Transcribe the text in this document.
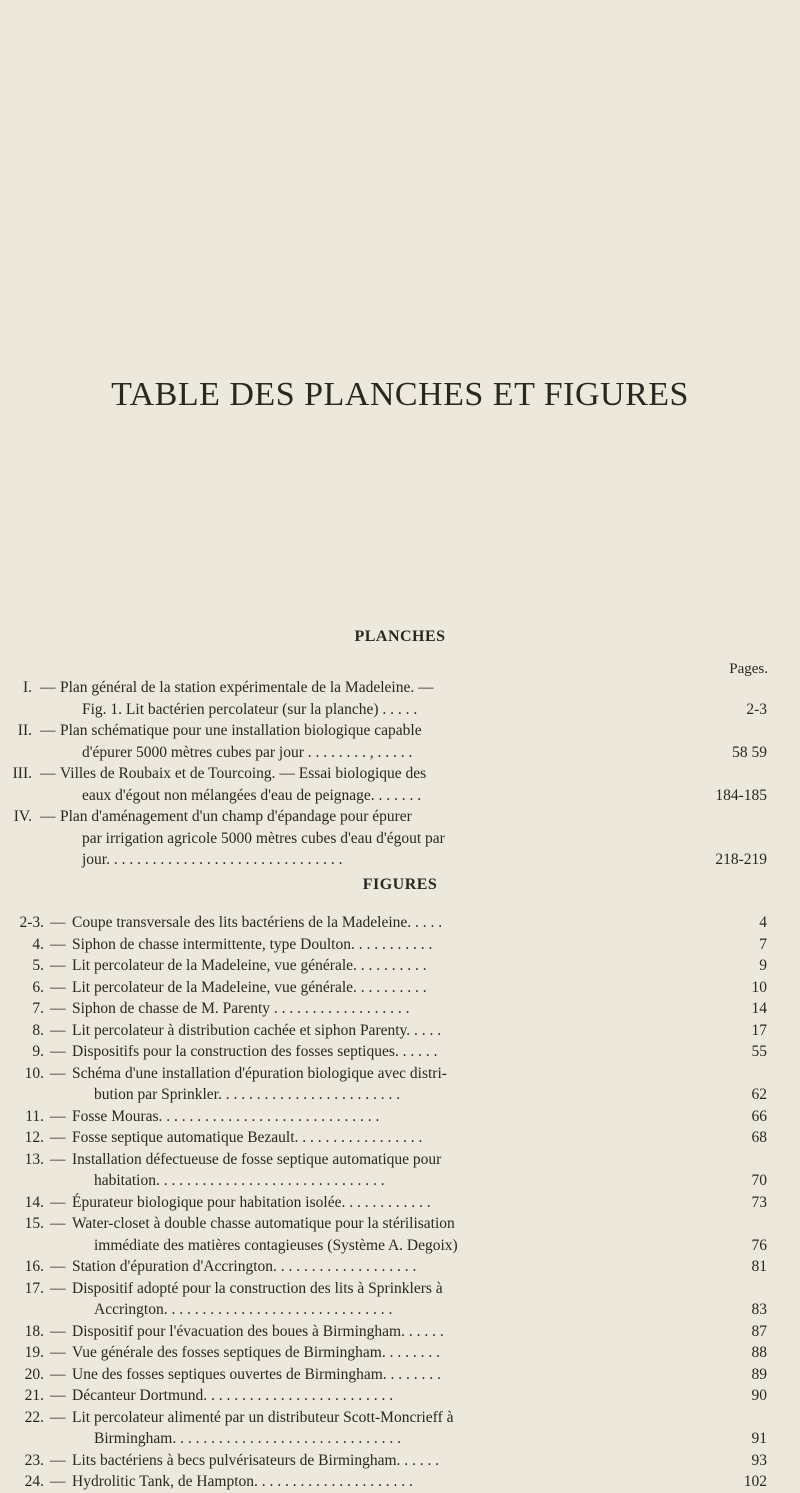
TABLE DES PLANCHES ET FIGURES
PLANCHES
Pages.
I. — Plan général de la station expérimentale de la Madeleine. —
Fig. 1. Lit bactérien percolateur (sur la planche) . . . . .	2-3
II. — Plan schématique pour une installation biologique capable
d'épurer 5000 mètres cubes par jour . . . . . . . . , . . . . .	58 59
III. — Villes de Roubaix et de Tourcoing. — Essai biologique des
eaux d'égout non mélangées d'eau de peignage. . . . . . .	184-185
IV. — Plan d'aménagement d'un champ d'épandage pour épurer
par irrigation agricole 5000 mètres cubes d'eau d'égout par
jour. . . . . . . . . . . . . . . . . . . . . . . . . . . . . . .	218-219
FIGURES
2-3. — Coupe transversale des lits bactériens de la Madeleine. . . . .	4
4. — Siphon de chasse intermittente, type Doulton. . . . . . . . . . .	7
5. — Lit percolateur de la Madeleine, vue générale. . . . . . . . . .	9
6. — Lit percolateur de la Madeleine, vue générale. . . . . . . . . .	10
7. — Siphon de chasse de M. Parenty . . . . . . . . . . . . . . . . . .	14
8. — Lit percolateur à distribution cachée et siphon Parenty. . . . .	17
9. — Dispositifs pour la construction des fosses septiques. . . . . .	55
10. — Schéma d'une installation d'épuration biologique avec distri-
bution par Sprinkler. . . . . . . . . . . . . . . . . . . . . . . .	62
11. — Fosse Mouras. . . . . . . . . . . . . . . . . . . . . . . . . . . . .	66
12. — Fosse septique automatique Bezault. . . . . . . . . . . . . . . . .	68
13. — Installation défectueuse de fosse septique automatique pour
habitation. . . . . . . . . . . . . . . . . . . . . . . . . . . . . .	70
14. — Épurateur biologique pour habitation isolée. . . . . . . . . . . .	73
15. — Water-closet à double chasse automatique pour la stérilisation
immédiate des matières contagieuses (Système A. Degoix)	76
16. — Station d'épuration d'Accrington. . . . . . . . . . . . . . . . . . .	81
17. — Dispositif adopté pour la construction des lits à Sprinklers à
Accrington. . . . . . . . . . . . . . . . . . . . . . . . . . . . . .	83
18. — Dispositif pour l'évacuation des boues à Birmingham. . . . . .	87
19. — Vue générale des fosses septiques de Birmingham. . . . . . . .	88
20. — Une des fosses septiques ouvertes de Birmingham. . . . . . . .	89
21. — Décanteur Dortmund. . . . . . . . . . . . . . . . . . . . . . . . .	90
22. — Lit percolateur alimenté par un distributeur Scott-Moncrieff à
Birmingham. . . . . . . . . . . . . . . . . . . . . . . . . . . . . .	91
23. — Lits bactériens à becs pulvérisateurs de Birmingham. . . . . .	93
24. — Hydrolitic Tank, de Hampton. . . . . . . . . . . . . . . . . . . . .	102
